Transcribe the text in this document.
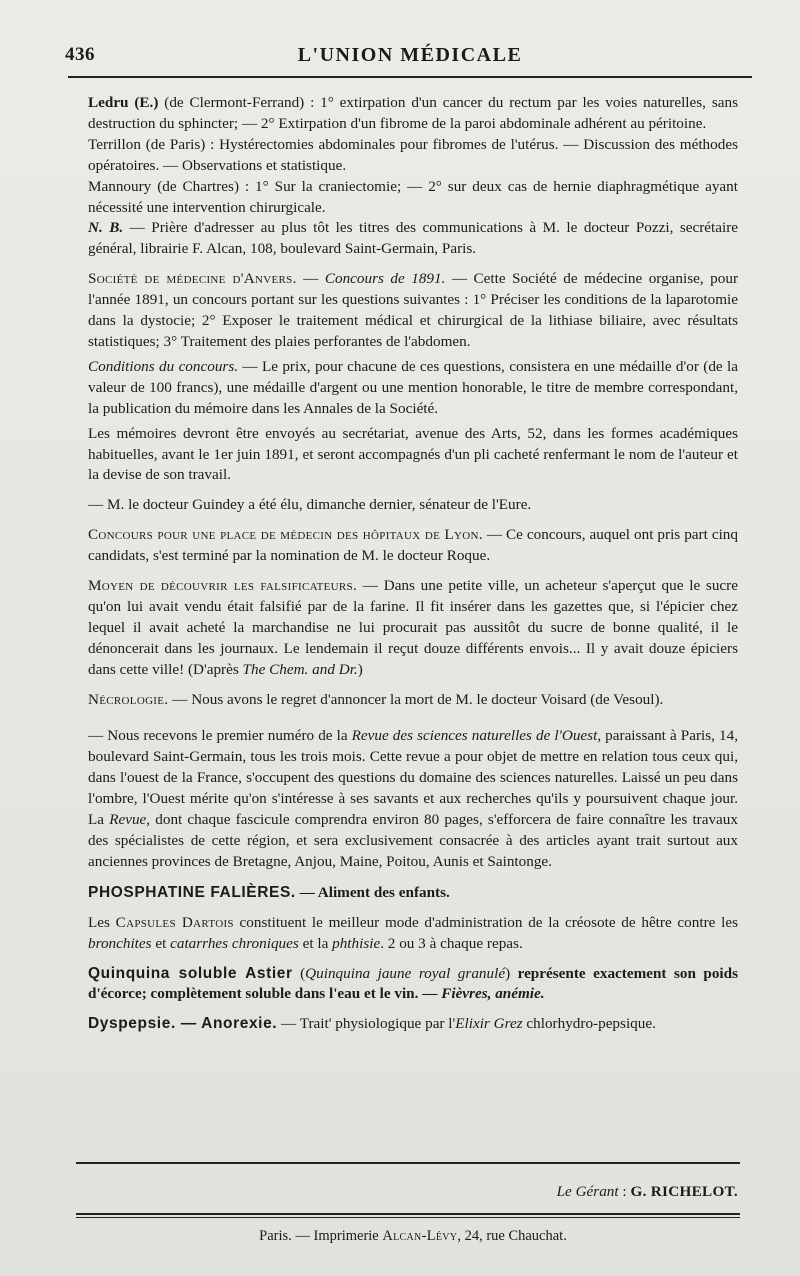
436	L'UNION MÉDICALE

Ledru (E.) (de Clermont-Ferrand) : 1° extirpation d'un cancer du rectum par les voies naturelles, sans destruction du sphincter; — 2° Extirpation d'un fibrome de la paroi abdominale adhérent au péritoine.

Terrillon (de Paris) : Hystérectomies abdominales pour fibromes de l'utérus. — Discussion des méthodes opératoires. — Observations et statistique.

Mannoury (de Chartres) : 1° Sur la craniectomie; — 2° sur deux cas de hernie diaphragmétique ayant nécessité une intervention chirurgicale.

N. B. — Prière d'adresser au plus tôt les titres des communications à M. le docteur Pozzi, secrétaire général, librairie F. Alcan, 108, boulevard Saint-Germain, Paris.

Société de médecine d'Anvers. — Concours de 1891. — Cette Société de médecine organise, pour l'année 1891, un concours portant sur les questions suivantes : 1° Préciser les conditions de la laparotomie dans la dystocie; 2° Exposer le traitement médical et chirurgical de la lithiase biliaire, avec résultats statistiques; 3° Traitement des plaies perforantes de l'abdomen.

Conditions du concours. — Le prix, pour chacune de ces questions, consistera en une médaille d'or (de la valeur de 100 francs), une médaille d'argent ou une mention honorable, le titre de membre correspondant, la publication du mémoire dans les Annales de la Société.

Les mémoires devront être envoyés au secrétariat, avenue des Arts, 52, dans les formes académiques habituelles, avant le 1er juin 1891, et seront accompagnés d'un pli cacheté renfermant le nom de l'auteur et la devise de son travail.

— M. le docteur Guindey a été élu, dimanche dernier, sénateur de l'Eure.

Concours pour une place de médecin des hôpitaux de Lyon. — Ce concours, auquel ont pris part cinq candidats, s'est terminé par la nomination de M. le docteur Roque.

Moyen de découvrir les falsificateurs. — Dans une petite ville, un acheteur s'aperçut que le sucre qu'on lui avait vendu était falsifié par de la farine. Il fit insérer dans les gazettes que, si l'épicier chez lequel il avait acheté la marchandise ne lui procurait pas aussitôt du sucre de bonne qualité, il le dénoncerait dans les journaux. Le lendemain il reçut douze différents envois... Il y avait douze épiciers dans cette ville! (D'après The Chem. and Dr.)

Nécrologie. — Nous avons le regret d'annoncer la mort de M. le docteur Voisard (de Vesoul).

— Nous recevons le premier numéro de la Revue des sciences naturelles de l'Ouest, paraissant à Paris, 14, boulevard Saint-Germain, tous les trois mois. Cette revue a pour objet de mettre en relation tous ceux qui, dans l'ouest de la France, s'occupent des questions du domaine des sciences naturelles. Laissé un peu dans l'ombre, l'Ouest mérite qu'on s'intéresse à ses savants et aux recherches qu'ils y poursuivent chaque jour. La Revue, dont chaque fascicule comprendra environ 80 pages, s'efforcera de faire connaître les travaux des spécialistes de cette région, et sera exclusivement consacrée à des articles ayant trait surtout aux anciennes provinces de Bretagne, Anjou, Maine, Poitou, Aunis et Saintonge.

PHOSPHATINE FALIÈRES. — Aliment des enfants.

Les Capsules Dartois constituent le meilleur mode d'administration de la créosote de hêtre contre les bronchites et catarrhes chroniques et la phthisie. 2 ou 3 à chaque repas.

Quinquina soluble Astier (Quinquina jaune royal granulé) représente exactement son poids d'écorce; complètement soluble dans l'eau et le vin. — Fièvres, anémie.

Dyspepsie. — Anorexie. — Trait' physiologique par l'Elixir Grez chlorhydro-pepsique.

Le Gérant : G. RICHELOT.
Paris. — Imprimerie Alcan-Lévy, 24, rue Chauchat.
